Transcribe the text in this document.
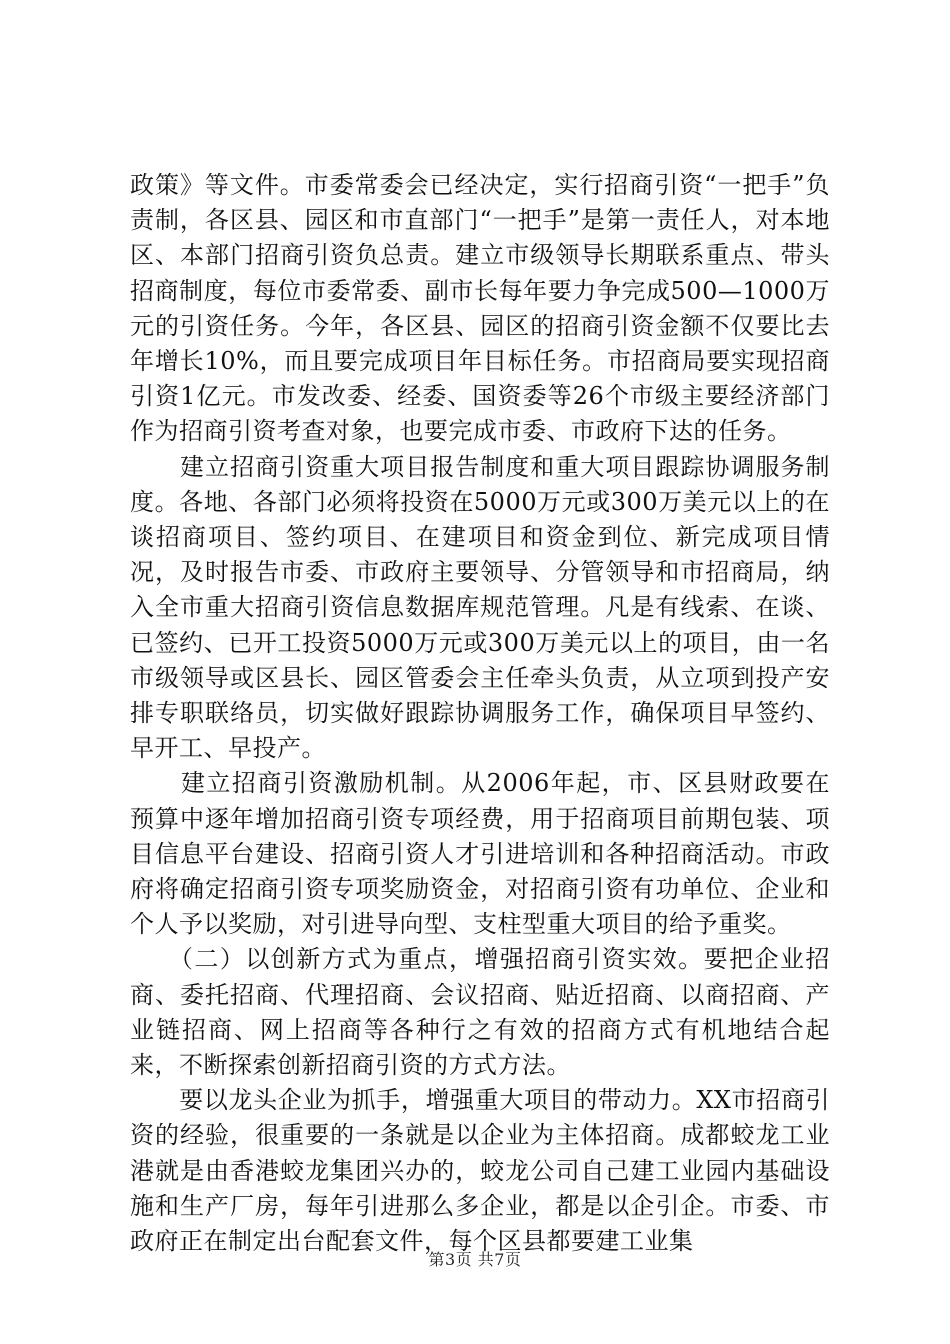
政策》等文件。市委常委会已经决定，实行招商引资“一把手”负责制，各区县、园区和市直部门“一把手”是第一责任人，对本地区、本部门招商引资负总责。建立市级领导长期联系重点、带头招商制度，每位市委常委、副市长每年要力争完成500—1000万元的引资任务。今年，各区县、园区的招商引资金额不仅要比去年增长10%，而且要完成项目年目标任务。市招商局要实现招商引资1亿元。市发改委、经委、国资委等26个市级主要经济部门作为招商引资考查对象，也要完成市委、市政府下达的任务。

　　建立招商引资重大项目报告制度和重大项目跟踪协调服务制度。各地、各部门必须将投资在5000万元或300万美元以上的在谈招商项目、签约项目、在建项目和资金到位、新完成项目情况，及时报告市委、市政府主要领导、分管领导和市招商局，纳入全市重大招商引资信息数据库规范管理。凡是有线索、在谈、已签约、已开工投资5000万元或300万美元以上的项目，由一名市级领导或区县长、园区管委会主任牵头负责，从立项到投产安排专职联络员，切实做好跟踪协调服务工作，确保项目早签约、早开工、早投产。

　　建立招商引资激励机制。从2006年起，市、区县财政要在预算中逐年增加招商引资专项经费，用于招商项目前期包装、项目信息平台建设、招商引资人才引进培训和各种招商活动。市政府将确定招商引资专项奖励资金，对招商引资有功单位、企业和个人予以奖励，对引进导向型、支柱型重大项目的给予重奖。

　　（二）以创新方式为重点，增强招商引资实效。要把企业招商、委托招商、代理招商、会议招商、贴近招商、以商招商、产业链招商、网上招商等各种行之有效的招商方式有机地结合起来，不断探索创新招商引资的方式方法。

　　要以龙头企业为抓手，增强重大项目的带动力。XX市招商引资的经验，很重要的一条就是以企业为主体招商。成都蛟龙工业港就是由香港蛟龙集团兴办的，蛟龙公司自己建工业园内基础设施和生产厂房，每年引进那么多企业，都是以企引企。市委、市政府正在制定出台配套文件，每个区县都要建工业集

第3页 共7页
